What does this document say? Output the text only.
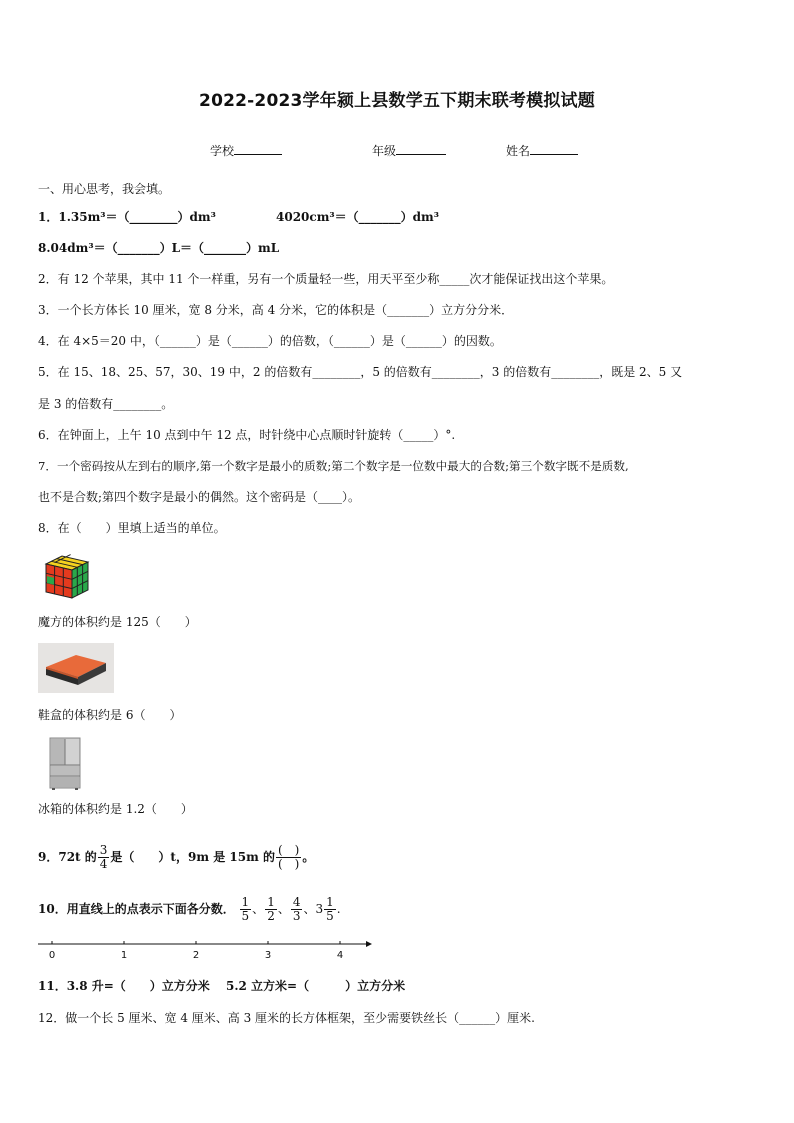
2022-2023学年颍上县数学五下期末联考模拟试题
学校	年级	姓名
一、用心思考，我会填。
1．1.35m³＝（________）dm³	4020cm³＝（_______）dm³
8.04dm³＝（_______）L＝（_______）mL
2．有 12 个苹果，其中 11 个一样重，另有一个质量轻一些，用天平至少称_____次才能保证找出这个苹果。
3．一个长方体长 10 厘米，宽 8 分米，高 4 分米，它的体积是（_______）立方分分米．
4．在 4×5＝20 中，（______）是（______）的倍数，（______）是（______）的因数。
5．在 15、18、25、57，30、19 中，2 的倍数有________，5 的倍数有________，3 的倍数有________，既是 2、5 又
是 3 的倍数有________。
6．在钟面上，上午 10 点到中午 12 点，时针绕中心点顺时针旋转（_____）°.
7．一个密码按从左到右的顺序,第一个数字是最小的质数;第二个数字是一位数中最大的合数;第三个数字既不是质数,
也不是合数;第四个数字是最小的偶然。这个密码是（____）。
8．在（　　）里填上适当的单位。
魔方的体积约是 125（　　）
鞋盒的体积约是 6（　　）
冰箱的体积约是 1.2（　　）
9．72t 的 $\frac{3}{4}$ 是（　　）t，9m 是 15m 的 $\frac{( )}{( )}$ 。
10．用直线上的点表示下面各分数． $\frac{1}{5}$ 、 $\frac{1}{2}$ 、 $\frac{4}{3}$ 、$3 \frac{1}{5}$ .
0	1	2	3	4
11．3.8 升=（　　）立方分米　 5.2 立方米=（　　　）立方分米
12．做一个长 5 厘米、宽 4 厘米、高 3 厘米的长方体框架，至少需要铁丝长（______）厘米.
